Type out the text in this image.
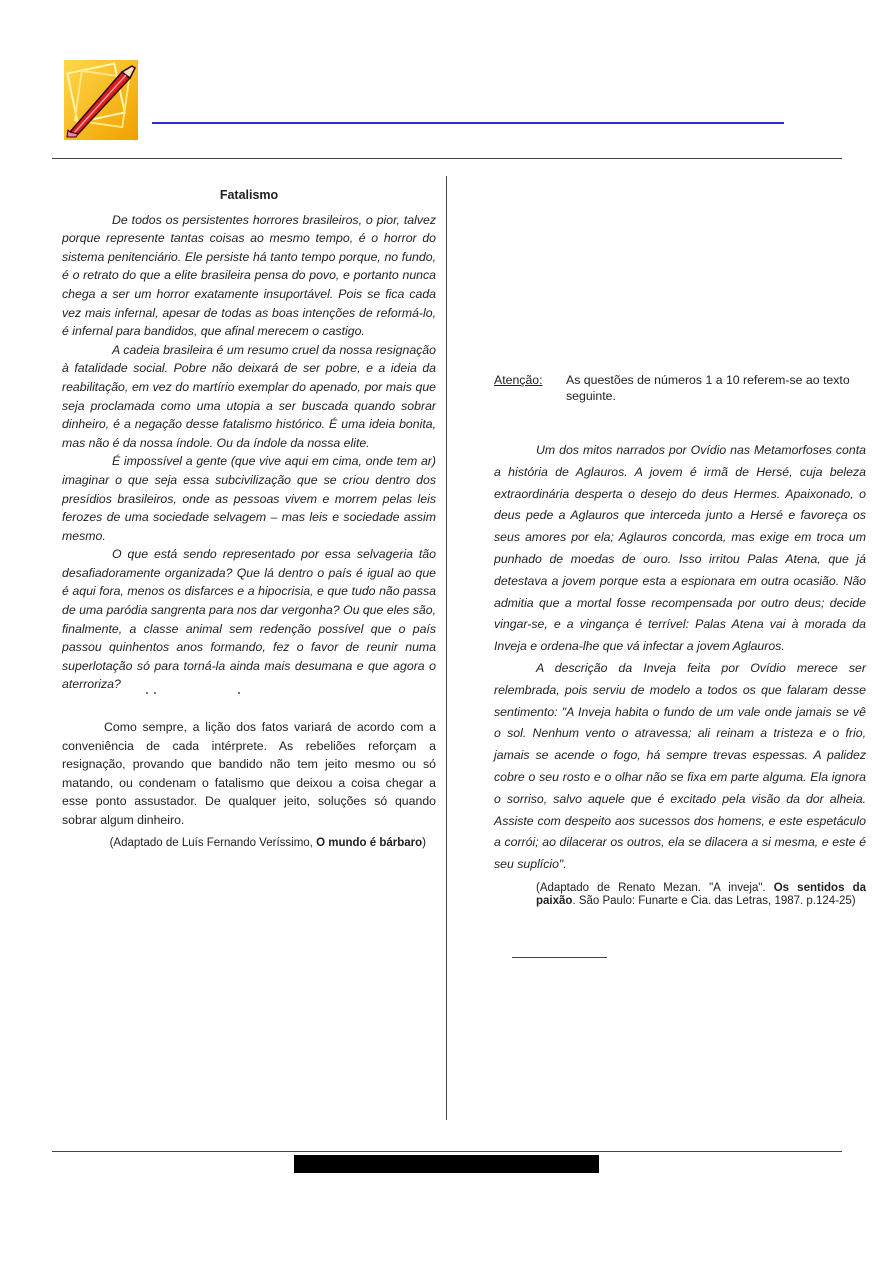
Fatalismo

De todos os persistentes horrores brasileiros, o pior, talvez porque represente tantas coisas ao mesmo tempo, é o horror do sistema penitenciário. Ele persiste há tanto tempo porque, no fundo, é o retrato do que a elite brasileira pensa do povo, e portanto nunca chega a ser um horror exatamente insuportável. Pois se fica cada vez mais infernal, apesar de todas as boas intenções de reformá-lo, é infernal para bandidos, que afinal merecem o castigo.

A cadeia brasileira é um resumo cruel da nossa resignação à fatalidade social. Pobre não deixará de ser pobre, e a ideia da reabilitação, em vez do martírio exemplar do apenado, por mais que seja proclamada como uma utopia a ser buscada quando sobrar dinheiro, é a negação desse fatalismo histórico. É uma ideia bonita, mas não é da nossa índole. Ou da índole da nossa elite.

É impossível a gente (que vive aqui em cima, onde tem ar) imaginar o que seja essa subcivilização que se criou dentro dos presídios brasileiros, onde as pessoas vivem e morrem pelas leis ferozes de uma sociedade selvagem – mas leis e sociedade assim mesmo.

O que está sendo representado por essa selvageria tão desafiadoramente organizada? Que lá dentro o país é igual ao que é aqui fora, menos os disfarces e a hipocrisia, e que tudo não passa de uma paródia sangrenta para nos dar vergonha? Ou que eles são, finalmente, a classe animal sem redenção possível que o país passou quinhentos anos formando, fez o favor de reunir numa superlotação só para torná-la ainda mais desumana e que agora o aterroriza?

Como sempre, a lição dos fatos variará de acordo com a conveniência de cada intérprete. As rebeliões reforçam a resignação, provando que bandido não tem jeito mesmo ou só matando, ou condenam o fatalismo que deixou a coisa chegar a esse ponto assustador. De qualquer jeito, soluções só quando sobrar algum dinheiro.

(Adaptado de Luís Fernando Veríssimo, O mundo é bárbaro)
Atenção:	As questões de números 1 a 10 referem-se ao texto seguinte.

Um dos mitos narrados por Ovídio nas Metamorfoses conta a história de Aglauros. A jovem é irmã de Hersé, cuja beleza extraordinária desperta o desejo do deus Hermes. Apaixonado, o deus pede a Aglauros que interceda junto a Hersé e favoreça os seus amores por ela; Aglauros concorda, mas exige em troca um punhado de moedas de ouro. Isso irritou Palas Atena, que já detestava a jovem porque esta a espionara em outra ocasião. Não admitia que a mortal fosse recompensada por outro deus; decide vingar-se, e a vingança é terrível: Palas Atena vai à morada da Inveja e ordena-lhe que vá infectar a jovem Aglauros.

A descrição da Inveja feita por Ovídio merece ser relembrada, pois serviu de modelo a todos os que falaram desse sentimento: "A Inveja habita o fundo de um vale onde jamais se vê o sol. Nenhum vento o atravessa; ali reinam a tristeza e o frio, jamais se acende o fogo, há sempre trevas espessas. A palidez cobre o seu rosto e o olhar não se fixa em parte alguma. Ela ignora o sorriso, salvo aquele que é excitado pela visão da dor alheia. Assiste com despeito aos sucessos dos homens, e este espetáculo a corrói; ao dilacerar os outros, ela se dilacera a si mesma, e este é seu suplício".

(Adaptado de Renato Mezan. "A inveja". Os sentidos da paixão. São Paulo: Funarte e Cia. das Letras, 1987. p.124-25)
